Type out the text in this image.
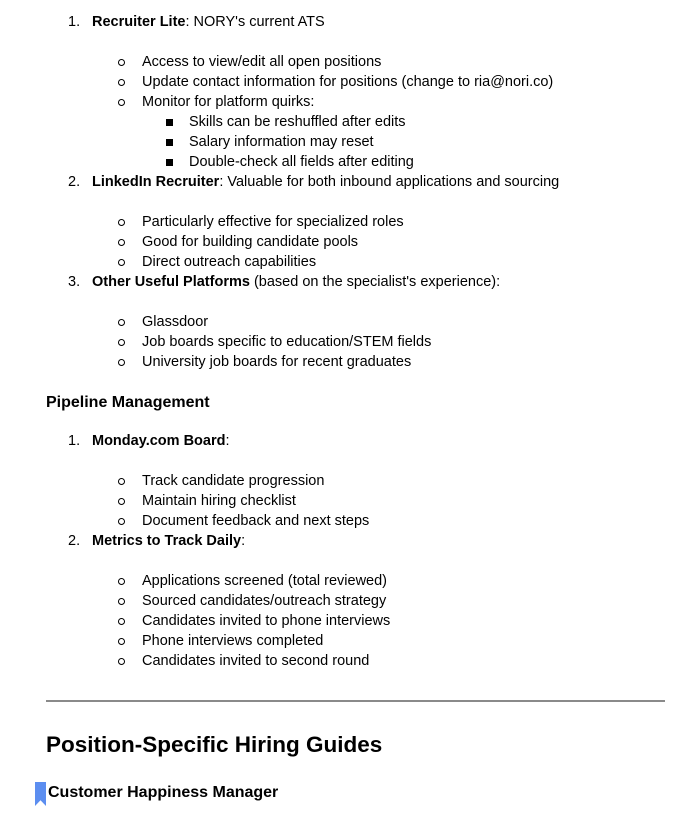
1. Recruiter Lite: NORY's current ATS
Access to view/edit all open positions
Update contact information for positions (change to ria@nori.co)
Monitor for platform quirks:
Skills can be reshuffled after edits
Salary information may reset
Double-check all fields after editing
2. LinkedIn Recruiter: Valuable for both inbound applications and sourcing
Particularly effective for specialized roles
Good for building candidate pools
Direct outreach capabilities
3. Other Useful Platforms (based on the specialist's experience):
Glassdoor
Job boards specific to education/STEM fields
University job boards for recent graduates
Pipeline Management
1. Monday.com Board:
Track candidate progression
Maintain hiring checklist
Document feedback and next steps
2. Metrics to Track Daily:
Applications screened (total reviewed)
Sourced candidates/outreach strategy
Candidates invited to phone interviews
Phone interviews completed
Candidates invited to second round
Position-Specific Hiring Guides
Customer Happiness Manager
